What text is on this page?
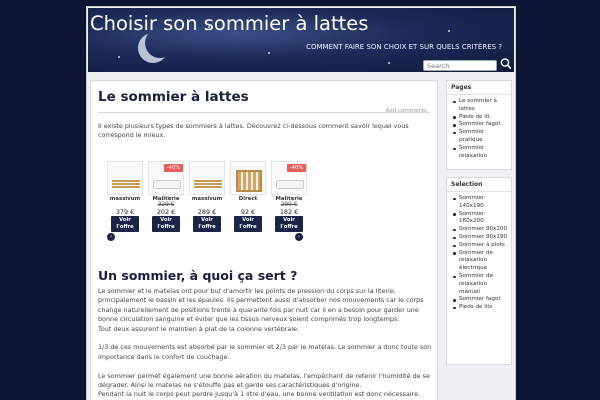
Choisir son sommier à lattes
COMMENT FAIRE SON CHOIX ET SUR QUELS CRITÈRES ?
Search
Le sommier à lattes
Add comments

Il existe plusieurs types de sommiers à lattes. Découvrez ci-dessous comment savoir lequel vous correspond le mieux.

massivum
379 €
Voir
l'offre
-40%
Maliterie
329 €
202 €
Voir
l'offre
massivum
289 €
Voir
l'offre
Direct
92 €
Voir
l'offre
-40%
Maliterie
299 €
182 €
Voir
l'offre
‹	›
Un sommier, à quoi ça sert ?

Le sommier et le matelas ont pour but d'amortir les points de pression du corps sur la literie, principalement le bassin et les épaules. Ils permettent aussi d'absorber nos mouvements car le corps change naturellement de positions trente à quarante fois par nuit car il en a besoin pour garder une bonne circulation sanguine et éviter que les tissus nerveux soient comprimés trop longtemps.
Tout deux assurent le maintien à plat de la colonne vertébrale.

1/3 de ces mouvements est absorbé par le sommier et 2/3 par le matelas. Le sommier a donc toute son importance dans le confort de couchage.

Le sommier permet également une bonne aération du matelas, l'empêchant de retenir l'humidité de se dégrader. Ainsi le matelas ne s'étouffe pas et garde ses caractéristiques d'origine.
Pendant la nuit le corps peut perdre jusqu'à 1 litre d'eau, une bonne ventilation est donc nécessaire.

Pages
Le sommier à lattes
Pieds de lit
Sommier fagot
Sommier pratique
Sommier relaxation
Selection
Sommier 140x190
Sommier 160x200
Sommier 90x200
Sommier 90x190
Sommier à plots
Sommier de relaxation électrique
Sommier de relaxation manuel
Sommier fagot
Pieds de lits
